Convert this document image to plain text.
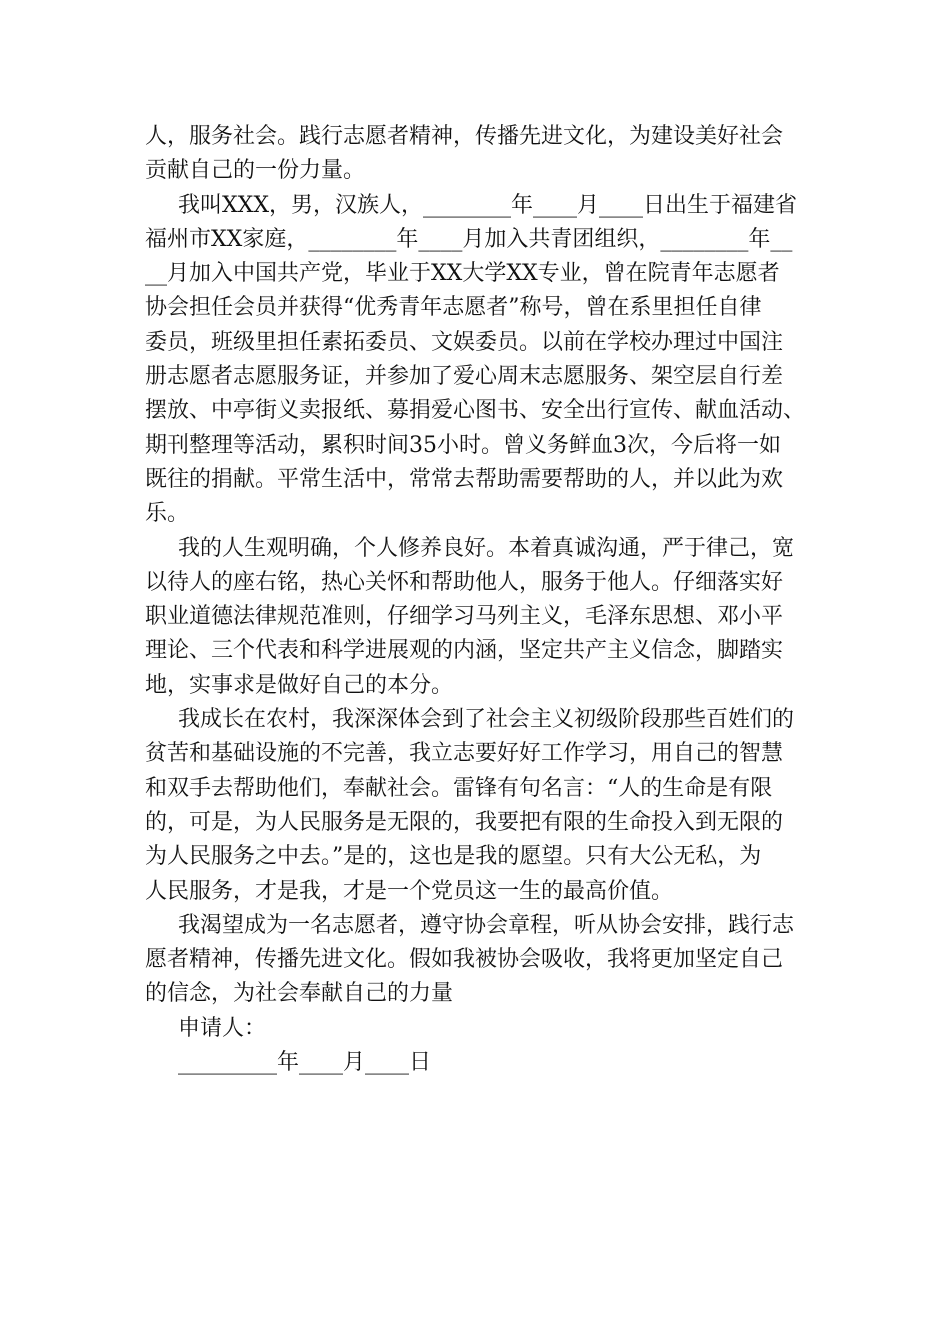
人，服务社会。践行志愿者精神，传播先进文化，为建设美好社会
贡献自己的一份力量。
我叫XXX，男，汉族人，________年____月____日出生于福建省
福州市XX家庭，________年____月加入共青团组织，________年__
__月加入中国共产党，毕业于XX大学XX专业，曾在院青年志愿者
协会担任会员并获得“优秀青年志愿者”称号，曾在系里担任自律
委员，班级里担任素拓委员、文娱委员。以前在学校办理过中国注
册志愿者志愿服务证，并参加了爱心周末志愿服务、架空层自行差
摆放、中亭街义卖报纸、募捐爱心图书、安全出行宣传、献血活动、
期刊整理等活动，累积时间35小时。曾义务鲜血3次，今后将一如
既往的捐献。平常生活中，常常去帮助需要帮助的人，并以此为欢
乐。
我的人生观明确，个人修养良好。本着真诚沟通，严于律己，宽
以待人的座右铭，热心关怀和帮助他人，服务于他人。仔细落实好
职业道德法律规范准则，仔细学习马列主义，毛泽东思想、邓小平
理论、三个代表和科学进展观的内涵，坚定共产主义信念，脚踏实
地，实事求是做好自己的本分。
我成长在农村，我深深体会到了社会主义初级阶段那些百姓们的
贫苦和基础设施的不完善，我立志要好好工作学习，用自己的智慧
和双手去帮助他们，奉献社会。雷锋有句名言：“人的生命是有限
的，可是，为人民服务是无限的，我要把有限的生命投入到无限的
为人民服务之中去。”是的，这也是我的愿望。只有大公无私，为
人民服务，才是我，才是一个党员这一生的最高价值。
我渴望成为一名志愿者，遵守协会章程，听从协会安排，践行志
愿者精神，传播先进文化。假如我被协会吸收，我将更加坚定自己
的信念，为社会奉献自己的力量
申请人：
_________年____月____日
